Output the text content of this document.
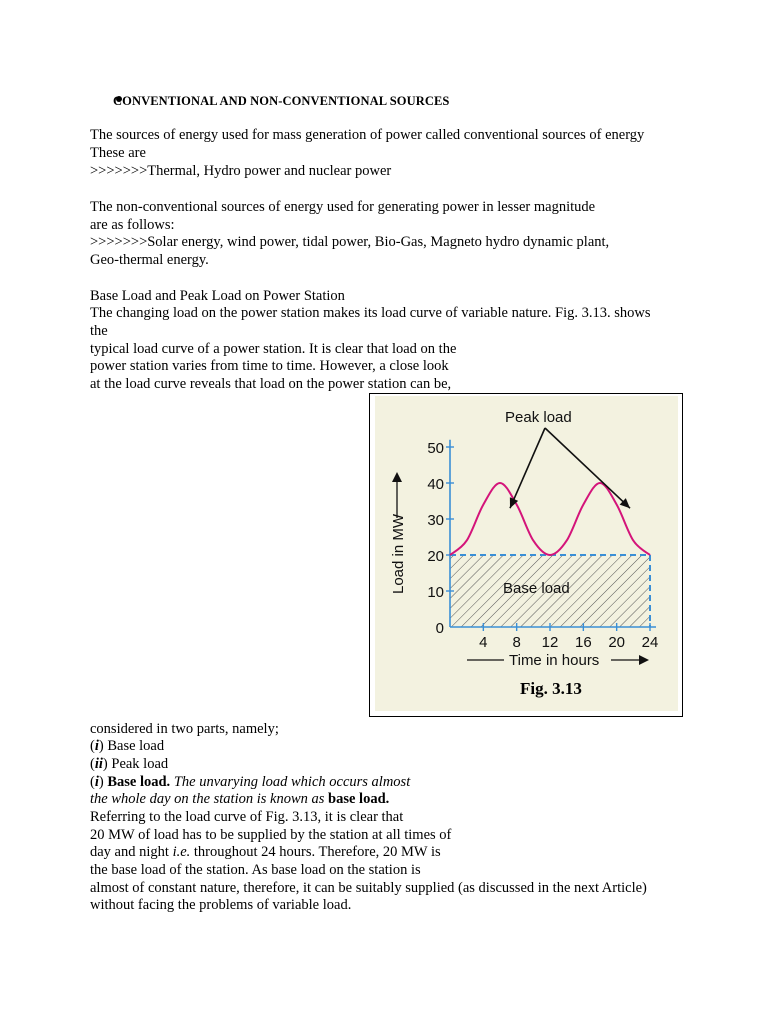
CONVENTIONAL AND NON-CONVENTIONAL SOURCES
The sources of energy used for mass generation of power called conventional sources of energy
These are
>>>>>>>Thermal, Hydro power and nuclear power
The non-conventional sources of energy used for generating power in lesser magnitude
are as follows:
>>>>>>>Solar energy, wind power, tidal power, Bio-Gas, Magneto hydro dynamic plant,
Geo-thermal energy.
Base Load and Peak Load on Power Station
The changing load on the power station makes its load curve of variable nature. Fig. 3.13. shows
the
typical load curve of a power station. It is clear that load on the
power station varies from time to time. However, a close look
at the load curve reveals that load on the power station can be,
Peak load
Base load
0
10
20
30
40
50
4 8 12 16 20 24
Time in hours
Load in MW
Fig. 3.13
considered in two parts, namely;
(i) Base load
(ii) Peak load
(i) Base load. The unvarying load which occurs almost
the whole day on the station is known as base load.
Referring to the load curve of Fig. 3.13, it is clear that
20 MW of load has to be supplied by the station at all times of
day and night i.e. throughout 24 hours. Therefore, 20 MW is
the base load of the station. As base load on the station is
almost of constant nature, therefore, it can be suitably supplied (as discussed in the next Article)
without facing the problems of variable load.
